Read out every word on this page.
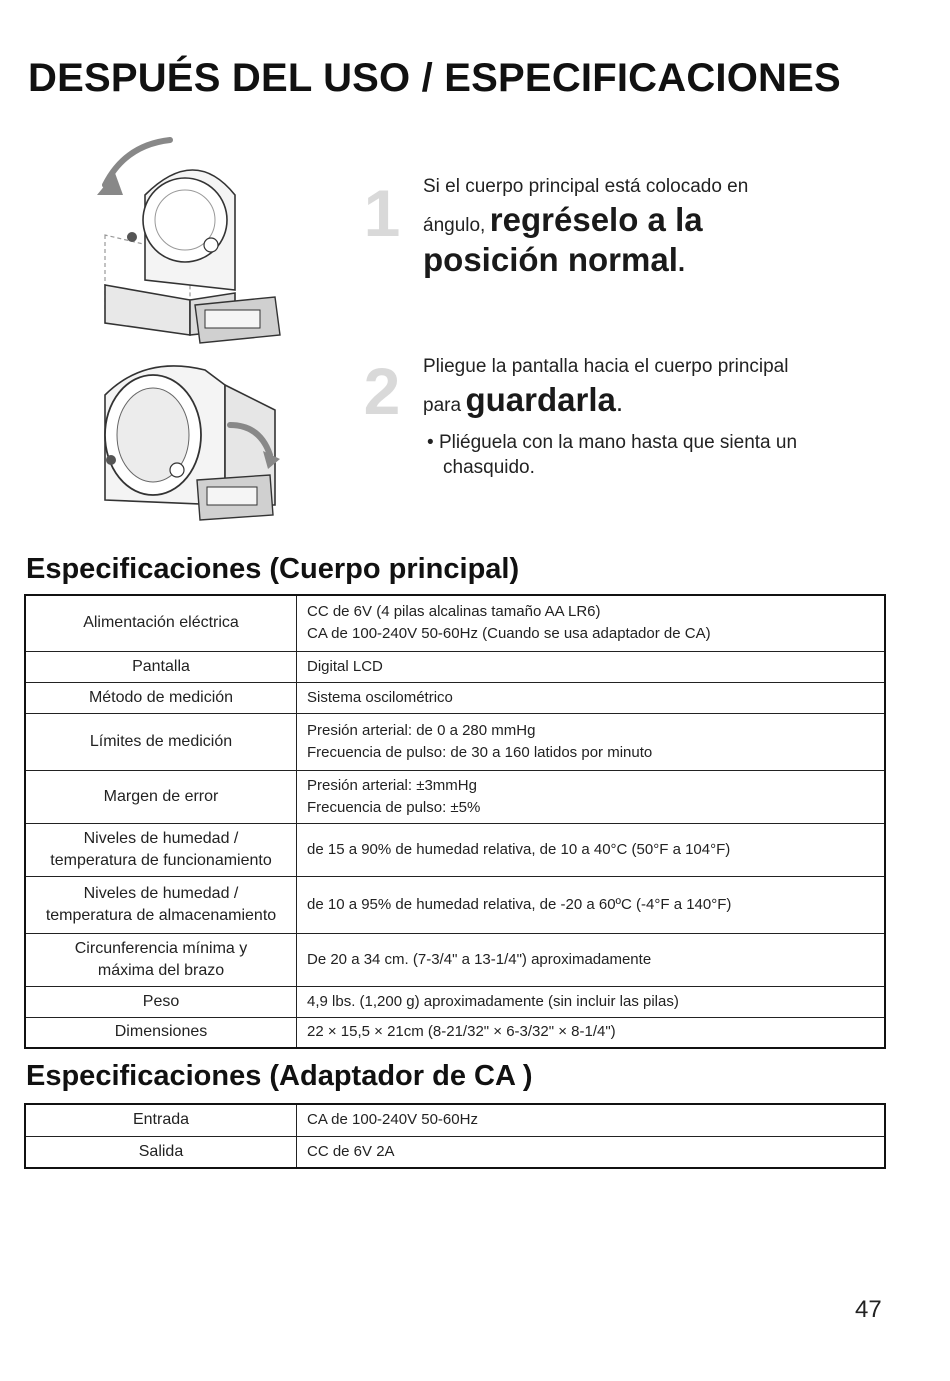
DESPUÉS DEL USO / ESPECIFICACIONES
1 Si el cuerpo principal está colocado en
ángulo, regréselo a la
posición normal.
2 Pliegue la pantalla hacia el cuerpo principal
para guardarla.
• Pliéguela con la mano hasta que sienta un chasquido.
Especificaciones (Cuerpo principal)
Alimentación eléctrica	CC de 6V (4 pilas alcalinas tamaño AA LR6)
CA de 100-240V 50-60Hz (Cuando se usa adaptador de CA)

Pantalla	Digital LCD
Método de medición	Sistema oscilométrico
Límites de medición	Presión arterial: de 0 a 280 mmHg
Frecuencia de pulso: de 30 a 160 latidos por minuto

Margen de error	Presión arterial: ±3mmHg
Frecuencia de pulso: ±5%

Niveles de humedad /
temperatura de funcionamiento	de 15 a 90% de humedad relativa, de 10 a 40°C (50°F a 104°F)

Niveles de humedad /
temperatura de almacenamiento	de 10 a 95% de humedad relativa, de -20 a 60ºC (-4°F a 140°F)

Circunferencia mínima y
máxima del brazo	De 20 a 34 cm. (7-3/4" a 13-1/4") aproximadamente
Peso	4,9 lbs. (1,200 g) aproximadamente (sin incluir las pilas)
Dimensiones	22 × 15,5 × 21cm (8-21/32" × 6-3/32" × 8-1/4")
Especificaciones (Adaptador de CA )
Entrada	CA de 100-240V 50-60Hz
Salida	CC de 6V 2A
47
